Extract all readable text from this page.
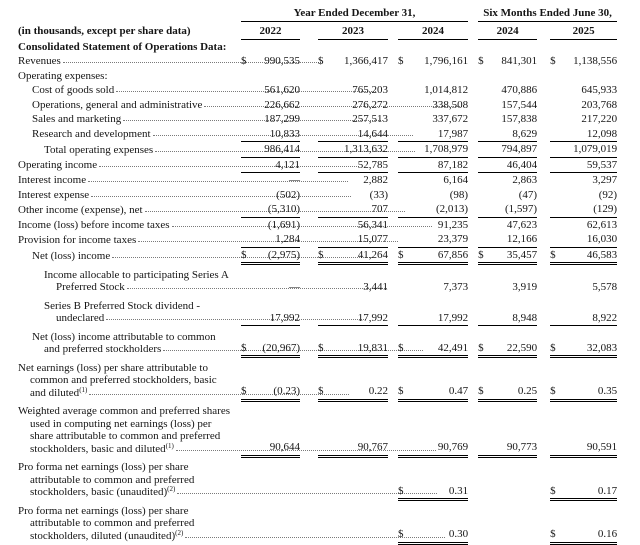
		Year Ended December 31,									Six Months Ended June 30,				
(in thousands, except per share data)		2022			2023			2024			2024			2025	
Consolidated Statement of Operations Data:															
Revenues		$	990,535		$	1,366,417		$	1,796,161		$	841,301		$	1,138,556
Operating expenses:															
Cost of goods sold			561,620			765,203			1,014,812			470,886			645,933
Operations, general and administrative			226,662			276,272			338,508			157,544			203,768
Sales and marketing			187,299			257,513			337,672			157,838			217,220
Research and development			10,833			14,644			17,987			8,629			12,098
Total operating expenses			986,414			1,313,632			1,708,979			794,897			1,079,019
Operating income			4,121			52,785			87,182			46,404			59,537
Interest income			—			2,882			6,164			2,863			3,297
Interest expense			(502)			(33)			(98)			(47)			(92)
Other income (expense), net			(5,310)			707			(2,013)			(1,597)			(129)
Income (loss) before income taxes			(1,691)			56,341			91,235			47,623			62,613
Provision for income taxes			1,284			15,077			23,379			12,166			16,030
Net (loss) income		$	(2,975)		$	41,264		$	67,856		$	35,457		$	46,583
Income allocable to participating Series A Preferred Stock			—			3,441			7,373			3,919			5,578
Series B Preferred Stock dividend - undeclared			17,992			17,992			17,992			8,948			8,922
Net (loss) income attributable to common and preferred stockholders		$	(20,967)		$	19,831		$	42,491		$	22,590		$	32,083
Net earnings (loss) per share attributable to common and preferred stockholders, basic and diluted$^{(1)}$		$	(0.23)		$	0.22		$	0.47		$	0.25		$	0.35
Weighted average common and preferred shares used in computing net earnings (loss) per share attributable to common and preferred stockholders, basic and diluted$^{(1)}$			90,644			90,767			90,769			90,773			90,591
Pro forma net earnings (loss) per share attributable to common and preferred stockholders, basic (unaudited)$^{(2)}$								$	0.31					$	0.17
Pro forma net earnings (loss) per share attributable to common and preferred stockholders, diluted (unaudited)$^{(2)}$								$	0.30					$	0.16
